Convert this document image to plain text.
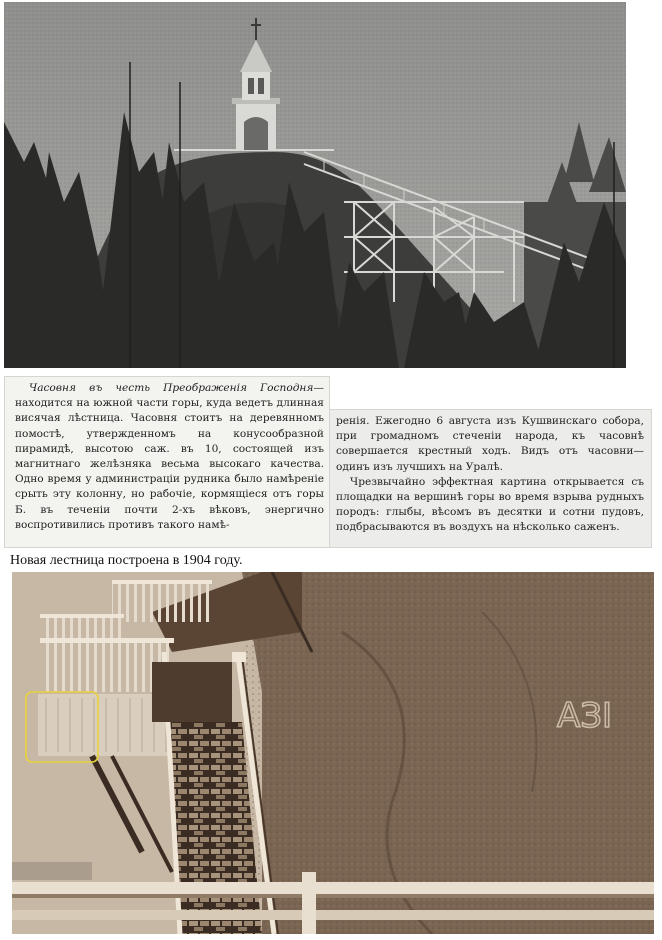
Часовня въ честь Преображенія Господня—находится на южной части горы, куда ведетъ длинная висячая лѣстница. Часовня стоитъ на деревянномъ помостѣ, утвержденномъ на конусообразной пирамидѣ, высотою саж. въ 10, состоящей изъ магнитнаго желѣзняка весьма высокаго качества. Одно время у администраціи рудника было намѣреніе срыть эту колонну, но рабочіе, кормящіеся отъ горы Б. въ теченіи почти 2-хъ вѣковъ, энергично воспротивились противъ такого намѣ-

ренія. Ежегодно 6 августа изъ Кушвинскаго собора, при громадномъ стеченіи народа, къ часовнѣ совершается крестный ходъ. Видъ отъ часовни—одинъ изъ лучшихъ на Уралѣ.

Чрезвычайно эффектная картина открывается съ площадки на вершинѣ горы во время взрыва рудныхъ породъ: глыбы, вѣсомъ въ десятки и сотни пудовъ, подбрасываются въ воздухъ на нѣсколько саженъ.

Новая лестница построена в 1904 году.
АЗI
